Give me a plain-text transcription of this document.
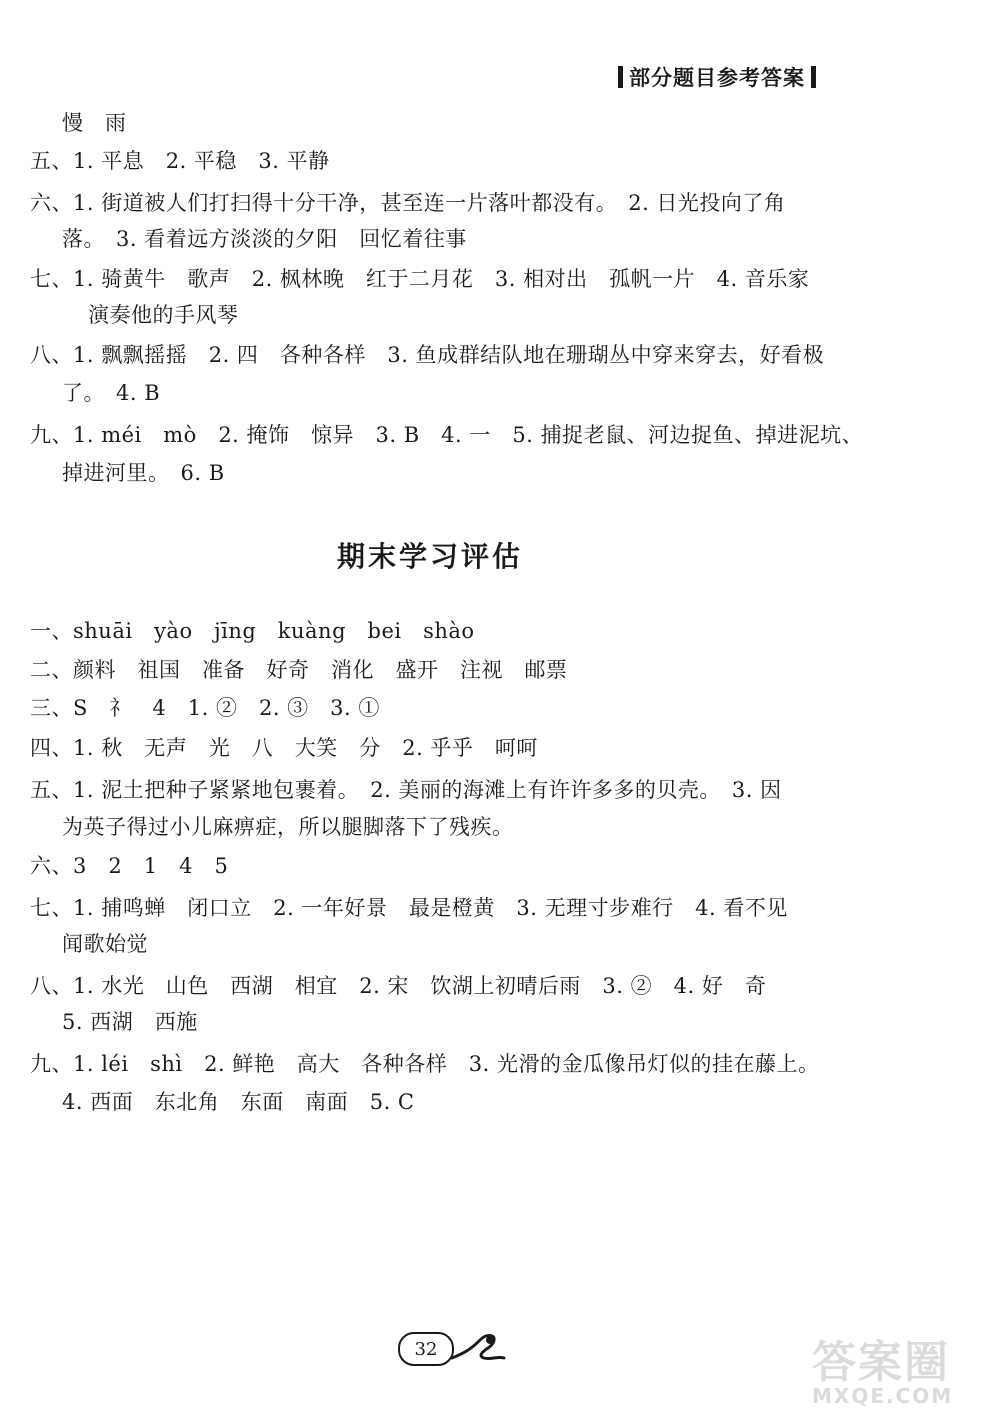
部分题目参考答案
慢　雨
五、1. 平息　2. 平稳　3. 平静
六、1. 街道被人们打扫得十分干净，甚至连一片落叶都没有。　2. 日光投向了角
落。　3. 看着远方淡淡的夕阳　回忆着往事
七、1. 骑黄牛　歌声　2. 枫林晚　红于二月花　3. 相对出　孤帆一片　4. 音乐家
演奏他的手风琴
八、1. 飘飘摇摇　2. 四　各种各样　3. 鱼成群结队地在珊瑚丛中穿来穿去，好看极
了。　4. B
九、1. méi　mò　2. 掩饰　惊异　3. B　4. 一　5. 捕捉老鼠、河边捉鱼、掉进泥坑、
掉进河里。　6. B
期末学习评估
一、shuāi　yào　jīng　kuàng　bei　shào
二、颜料　祖国　准备　好奇　消化　盛开　注视　邮票
三、S　礻　4　1. ②　2. ③　3. ①
四、1. 秋　无声　光　八　大笑　分　2. 乎乎　呵呵
五、1. 泥土把种子紧紧地包裹着。　2. 美丽的海滩上有许许多多的贝壳。　3. 因
为英子得过小儿麻痹症，所以腿脚落下了残疾。
六、3　2　1　4　5
七、1. 捕鸣蝉　闭口立　2. 一年好景　最是橙黄　3. 无理寸步难行　4. 看不见
闻歌始觉
八、1. 水光　山色　西湖　相宜　2. 宋　饮湖上初晴后雨　3. ②　4. 好　奇
5. 西湖　西施
九、1. léi　shì　2. 鲜艳　高大　各种各样　3. 光滑的金瓜像吊灯似的挂在藤上。
4. 西面　东北角　东面　南面　5. C
32	答案圈
MXQE.COM
